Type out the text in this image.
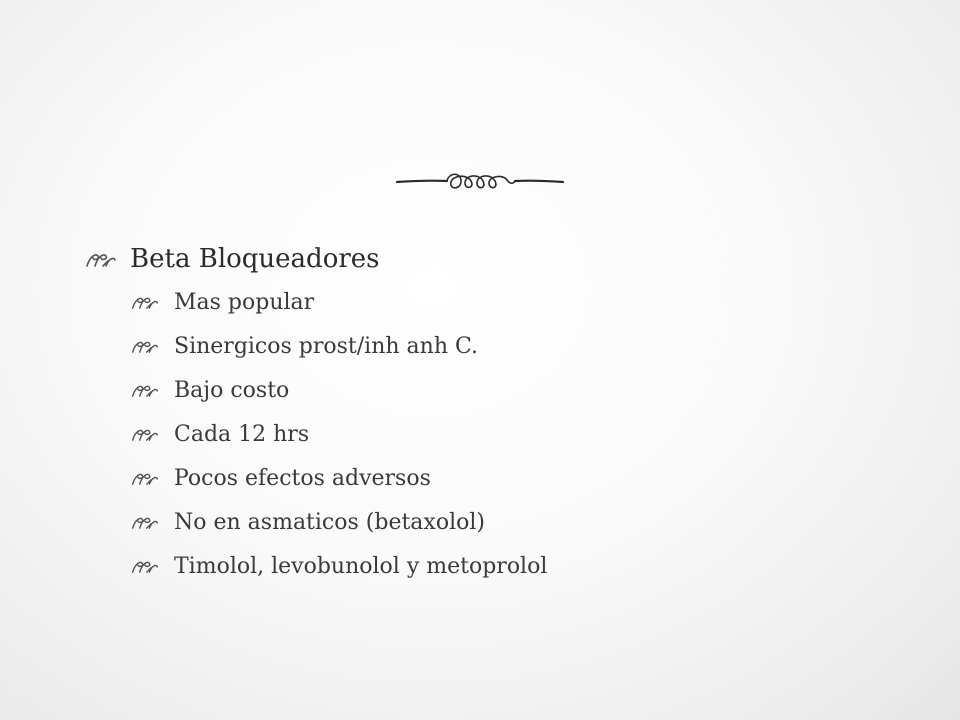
Beta Bloqueadores
Mas popular
Sinergicos prost/inh anh C.
Bajo costo
Cada 12 hrs
Pocos efectos adversos
No en asmaticos (betaxolol)
Timolol, levobunolol y metoprolol
